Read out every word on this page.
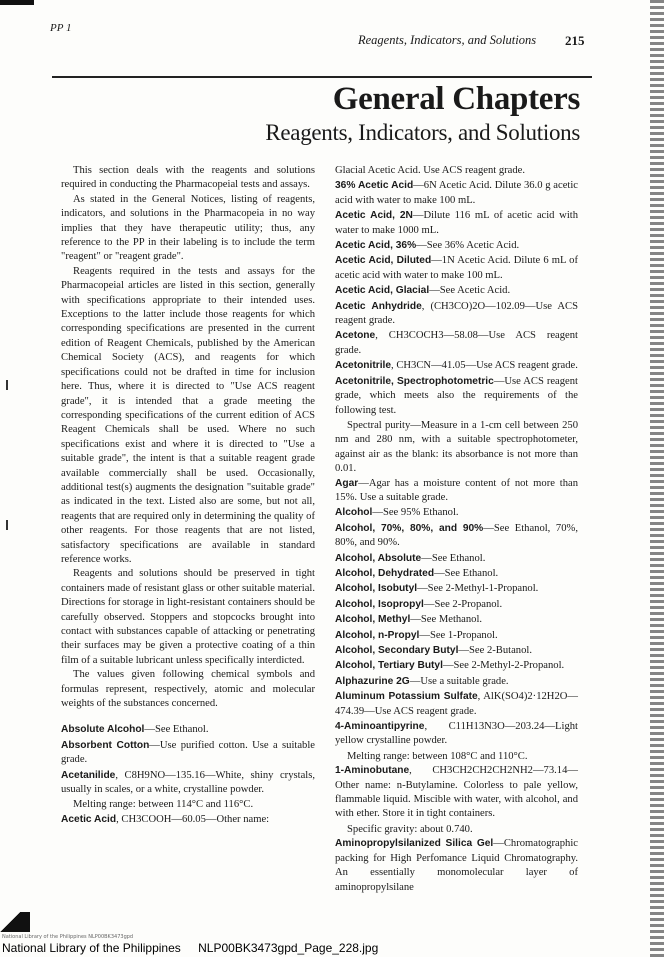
PP 1
Reagents, Indicators, and Solutions 215
General Chapters
Reagents, Indicators, and Solutions

This section deals with the reagents and solutions required in conducting the Pharmacopeial tests and assays.

As stated in the General Notices, listing of reagents, indicators, and solutions in the Pharmacopeia in no way implies that they have therapeutic utility; thus, any reference to the PP in their labeling is to include the term "reagent" or "reagent grade".

Reagents required in the tests and assays for the Pharmacopeial articles are listed in this section, generally with specifications appropriate to their intended uses. Exceptions to the latter include those reagents for which corresponding specifications are presented in the current edition of Reagent Chemicals, published by the American Chemical Society (ACS), and reagents for which specifications could not be drafted in time for inclusion here. Thus, where it is directed to "Use ACS reagent grade", it is intended that a grade meeting the corresponding specifications of the current edition of ACS Reagent Chemicals shall be used. Where no such specifications exist and where it is directed to "Use a suitable grade", the intent is that a suitable reagent grade available commercially shall be used. Occasionally, additional test(s) augments the designation "suitable grade" as indicated in the text. Listed also are some, but not all, reagents that are required only in determining the quality of other reagents. For those reagents that are not listed, satisfactory specifications are available in standard reference works.

Reagents and solutions should be preserved in tight containers made of resistant glass or other suitable material. Directions for storage in light-resistant containers should be carefully observed. Stoppers and stopcocks brought into contact with substances capable of attacking or penetrating their surfaces may be given a protective coating of a thin film of a suitable lubricant unless specifically interdicted.

The values given following chemical symbols and formulas represent, respectively, atomic and molecular weights of the substances concerned.

Absolute Alcohol—See Ethanol.

Absorbent Cotton—Use purified cotton. Use a suitable grade.

Acetanilide, C8H9NO—135.16—White, shiny crystals, usually in scales, or a white, crystalline powder.

Melting range: between 114°C and 116°C.

Acetic Acid, CH3COOH—60.05—Other name:

Glacial Acetic Acid. Use ACS reagent grade.

36% Acetic Acid—6N Acetic Acid. Dilute 36.0 g acetic acid with water to make 100 mL.

Acetic Acid, 2N—Dilute 116 mL of acetic acid with water to make 1000 mL.

Acetic Acid, 36%—See 36% Acetic Acid.

Acetic Acid, Diluted—1N Acetic Acid. Dilute 6 mL of acetic acid with water to make 100 mL.

Acetic Acid, Glacial—See Acetic Acid.

Acetic Anhydride, (CH3CO)2O—102.09—Use ACS reagent grade.

Acetone, CH3COCH3—58.08—Use ACS reagent grade.

Acetonitrile, CH3CN—41.05—Use ACS reagent grade.

Acetonitrile, Spectrophotometric—Use ACS reagent grade, which meets also the requirements of the following test.

Spectral purity—Measure in a 1-cm cell between 250 nm and 280 nm, with a suitable spectrophotometer, against air as the blank: its absorbance is not more than 0.01.

Agar—Agar has a moisture content of not more than 15%. Use a suitable grade.

Alcohol—See 95% Ethanol.

Alcohol, 70%, 80%, and 90%—See Ethanol, 70%, 80%, and 90%.

Alcohol, Absolute—See Ethanol.

Alcohol, Dehydrated—See Ethanol.

Alcohol, Isobutyl—See 2-Methyl-1-Propanol.

Alcohol, Isopropyl—See 2-Propanol.

Alcohol, Methyl—See Methanol.

Alcohol, n-Propyl—See 1-Propanol.

Alcohol, Secondary Butyl—See 2-Butanol.

Alcohol, Tertiary Butyl—See 2-Methyl-2-Propanol.

Alphazurine 2G—Use a suitable grade.

Aluminum Potassium Sulfate, AlK(SO4)2·12H2O—474.39—Use ACS reagent grade.

4-Aminoantipyrine, C11H13N3O—203.24—Light yellow crystalline powder.

Melting range: between 108°C and 110°C.

1-Aminobutane, CH3CH2CH2CH2NH2—73.14—Other name: n-Butylamine. Colorless to pale yellow, flammable liquid. Miscible with water, with alcohol, and with ether. Store it in tight containers.

Specific gravity: about 0.740.

Aminopropylsilanized Silica Gel—Chromatographic packing for High Perfomance Liquid Chromatography. An essentially monomolecular layer of aminopropylsilane

National Library of the Philippines NLP00BK3473gpd
National Library of the Philippines NLP00BK3473gpd_Page_228.jpg
